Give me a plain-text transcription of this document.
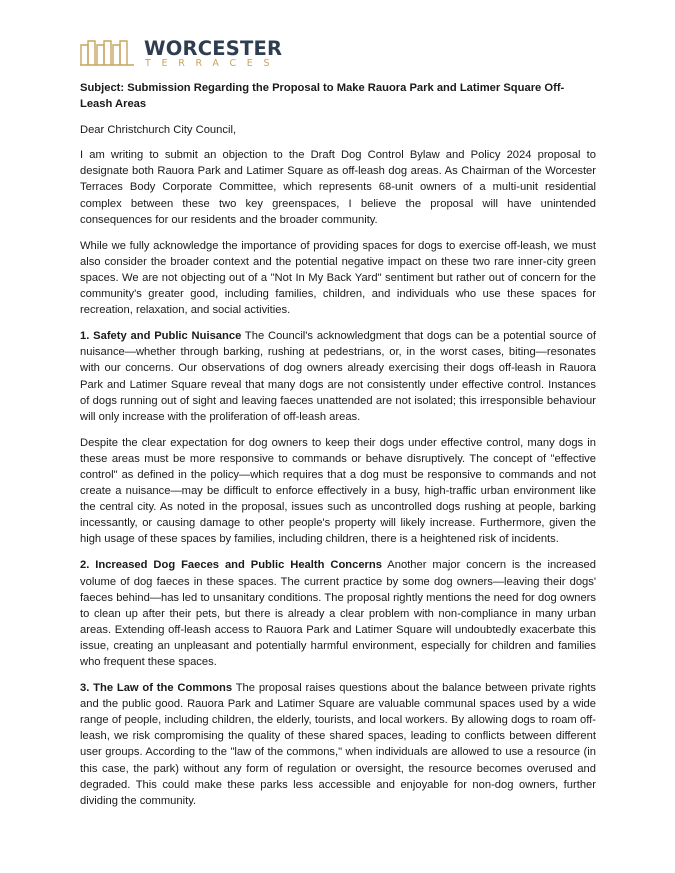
WORCESTER
TERRACES

Subject: Submission Regarding the Proposal to Make Rauora Park and Latimer Square Off-Leash Areas

Dear Christchurch City Council,

I am writing to submit an objection to the Draft Dog Control Bylaw and Policy 2024 proposal to designate both Rauora Park and Latimer Square as off-leash dog areas. As Chairman of the Worcester Terraces Body Corporate Committee, which represents 68-unit owners of a multi-unit residential complex between these two key greenspaces, I believe the proposal will have unintended consequences for our residents and the broader community.

While we fully acknowledge the importance of providing spaces for dogs to exercise off-leash, we must also consider the broader context and the potential negative impact on these two rare inner-city green spaces. We are not objecting out of a "Not In My Back Yard" sentiment but rather out of concern for the community's greater good, including families, children, and individuals who use these spaces for recreation, relaxation, and social activities.

1. Safety and Public Nuisance The Council's acknowledgment that dogs can be a potential source of nuisance—whether through barking, rushing at pedestrians, or, in the worst cases, biting—resonates with our concerns. Our observations of dog owners already exercising their dogs off-leash in Rauora Park and Latimer Square reveal that many dogs are not consistently under effective control. Instances of dogs running out of sight and leaving faeces unattended are not isolated; this irresponsible behaviour will only increase with the proliferation of off-leash areas.

Despite the clear expectation for dog owners to keep their dogs under effective control, many dogs in these areas must be more responsive to commands or behave disruptively. The concept of "effective control" as defined in the policy—which requires that a dog must be responsive to commands and not create a nuisance—may be difficult to enforce effectively in a busy, high-traffic urban environment like the central city. As noted in the proposal, issues such as uncontrolled dogs rushing at people, barking incessantly, or causing damage to other people's property will likely increase. Furthermore, given the high usage of these spaces by families, including children, there is a heightened risk of incidents.

2. Increased Dog Faeces and Public Health Concerns Another major concern is the increased volume of dog faeces in these spaces. The current practice by some dog owners—leaving their dogs' faeces behind—has led to unsanitary conditions. The proposal rightly mentions the need for dog owners to clean up after their pets, but there is already a clear problem with non-compliance in many urban areas. Extending off-leash access to Rauora Park and Latimer Square will undoubtedly exacerbate this issue, creating an unpleasant and potentially harmful environment, especially for children and families who frequent these spaces.

3. The Law of the Commons The proposal raises questions about the balance between private rights and the public good. Rauora Park and Latimer Square are valuable communal spaces used by a wide range of people, including children, the elderly, tourists, and local workers. By allowing dogs to roam off-leash, we risk compromising the quality of these shared spaces, leading to conflicts between different user groups. According to the "law of the commons," when individuals are allowed to use a resource (in this case, the park) without any form of regulation or oversight, the resource becomes overused and degraded. This could make these parks less accessible and enjoyable for non-dog owners, further dividing the community.
